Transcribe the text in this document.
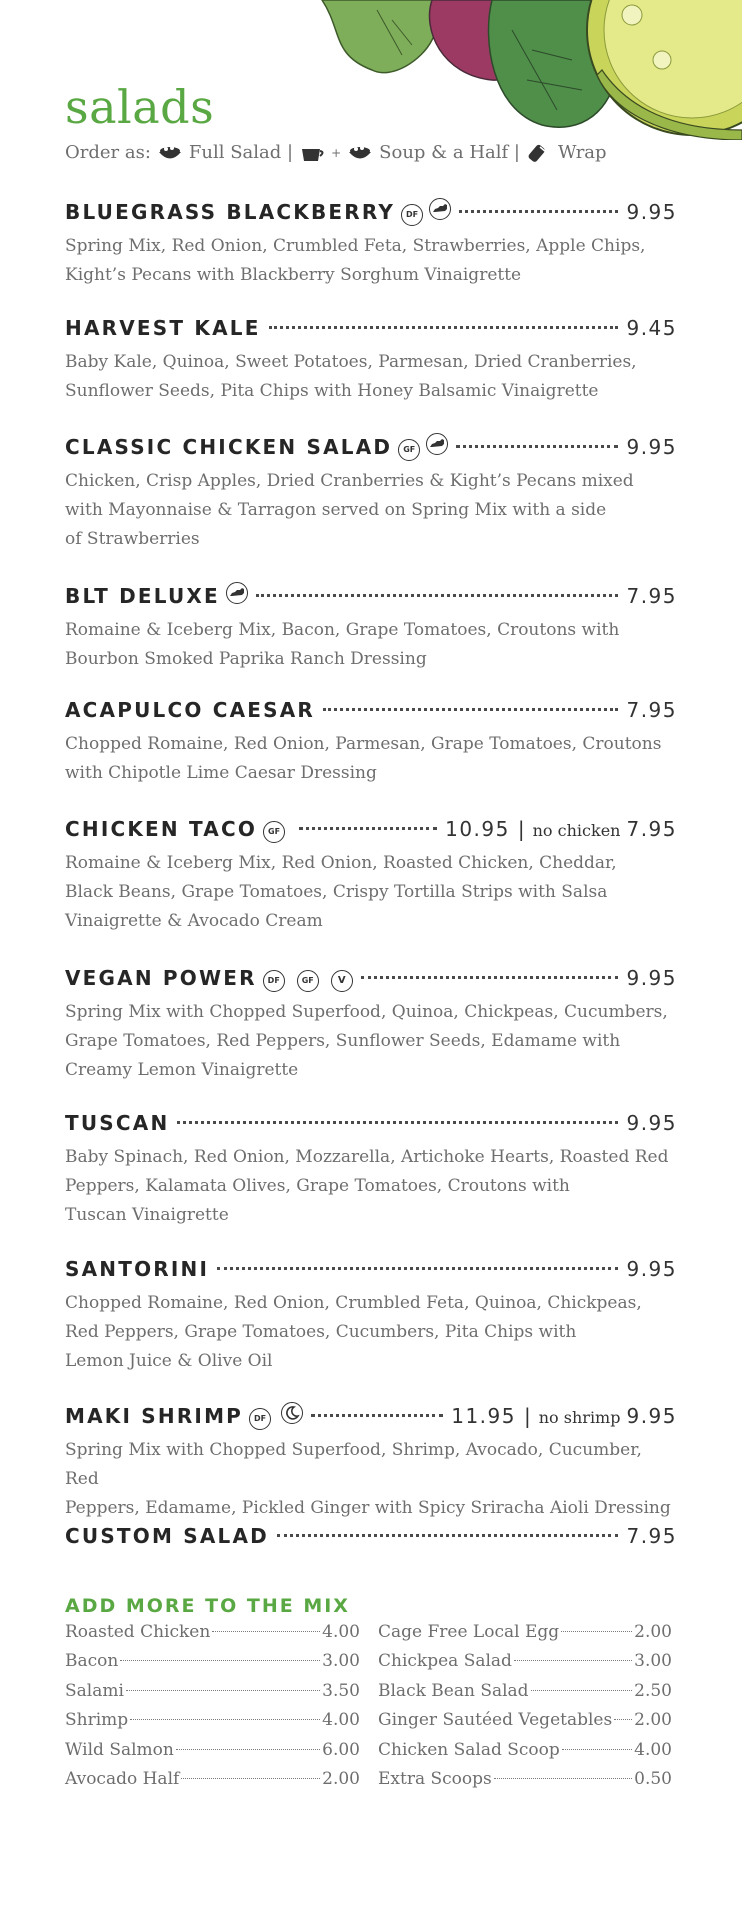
salads
Order as: Full Salad |	+ Soup & a Half | Wrap
BLUEGRASS BLACKBERRY	DF	9.95
Spring Mix, Red Onion, Crumbled Feta, Strawberries, Apple Chips,
Kight’s Pecans with Blackberry Sorghum Vinaigrette
HARVEST KALE	9.45
Baby Kale, Quinoa, Sweet Potatoes, Parmesan, Dried Cranberries,
Sunflower Seeds, Pita Chips with Honey Balsamic Vinaigrette
CLASSIC CHICKEN SALAD	GF	9.95
Chicken, Crisp Apples, Dried Cranberries & Kight’s Pecans mixed
with Mayonnaise & Tarragon served on Spring Mix with a side
of Strawberries
BLT DELUXE	7.95
Romaine & Iceberg Mix, Bacon, Grape Tomatoes, Croutons with
Bourbon Smoked Paprika Ranch Dressing
ACAPULCO CAESAR	7.95
Chopped Romaine, Red Onion, Parmesan, Grape Tomatoes, Croutons
with Chipotle Lime Caesar Dressing
CHICKEN TACO	GF	10.95 | no chicken 7.95
Romaine & Iceberg Mix, Red Onion, Roasted Chicken, Cheddar,
Black Beans, Grape Tomatoes, Crispy Tortilla Strips with Salsa
Vinaigrette & Avocado Cream
VEGAN POWER	DF	GF	V	9.95
Spring Mix with Chopped Superfood, Quinoa, Chickpeas, Cucumbers,
Grape Tomatoes, Red Peppers, Sunflower Seeds, Edamame with
Creamy Lemon Vinaigrette
TUSCAN	9.95
Baby Spinach, Red Onion, Mozzarella, Artichoke Hearts, Roasted Red
Peppers, Kalamata Olives, Grape Tomatoes, Croutons with
Tuscan Vinaigrette
SANTORINI	9.95
Chopped Romaine, Red Onion, Crumbled Feta, Quinoa, Chickpeas,
Red Peppers, Grape Tomatoes, Cucumbers, Pita Chips with
Lemon Juice & Olive Oil
MAKI SHRIMP	DF	11.95 | no shrimp 9.95
Spring Mix with Chopped Superfood, Shrimp, Avocado, Cucumber, Red
Peppers, Edamame, Pickled Ginger with Spicy Sriracha Aioli Dressing
CUSTOM SALAD	7.95
ADD MORE TO THE MIX
Roasted Chicken	4.00
Bacon	3.00
Salami	3.50
Shrimp	4.00
Wild Salmon	6.00
Avocado Half	2.00
Cage Free Local Egg	2.00
Chickpea Salad	3.00
Black Bean Salad	2.50
Ginger Sautéed Vegetables 2.00
Chicken Salad Scoop	4.00
Extra Scoops	0.50
